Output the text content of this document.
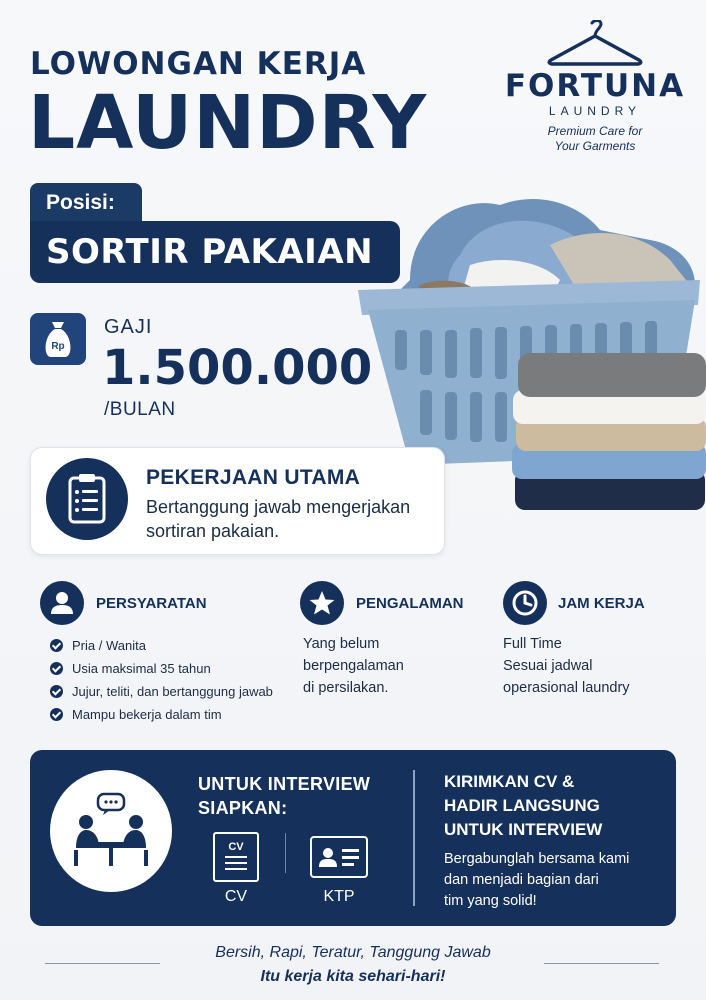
LOWONGAN KERJA
LAUNDRY	FORTUNA
LAUNDRY
Premium Care for
Your Garments
Posisi:
SORTIR PAKAIAN
Rp
GAJI
1.500.000
/BULAN
PEKERJAAN UTAMA
Bertanggung jawab mengerjakan sortiran pakaian.
PERSYARATAN
Pria / Wanita
Usia maksimal 35 tahun
Jujur, teliti, dan bertanggung jawab
Mampu bekerja dalam tim
PENGALAMAN
Yang belum
berpengalaman
di persilakan.
JAM KERJA
Full Time
Sesuai jadwal
operasional laundry
UNTUK INTERVIEW
SIAPKAN:
CV
CV	KTP
KIRIMKAN CV &
HADIR LANGSUNG
UNTUK INTERVIEW
Bergabunglah bersama kami
dan menjadi bagian dari
tim yang solid!
Bersih, Rapi, Teratur, Tanggung Jawab
Itu kerja kita sehari-hari!
